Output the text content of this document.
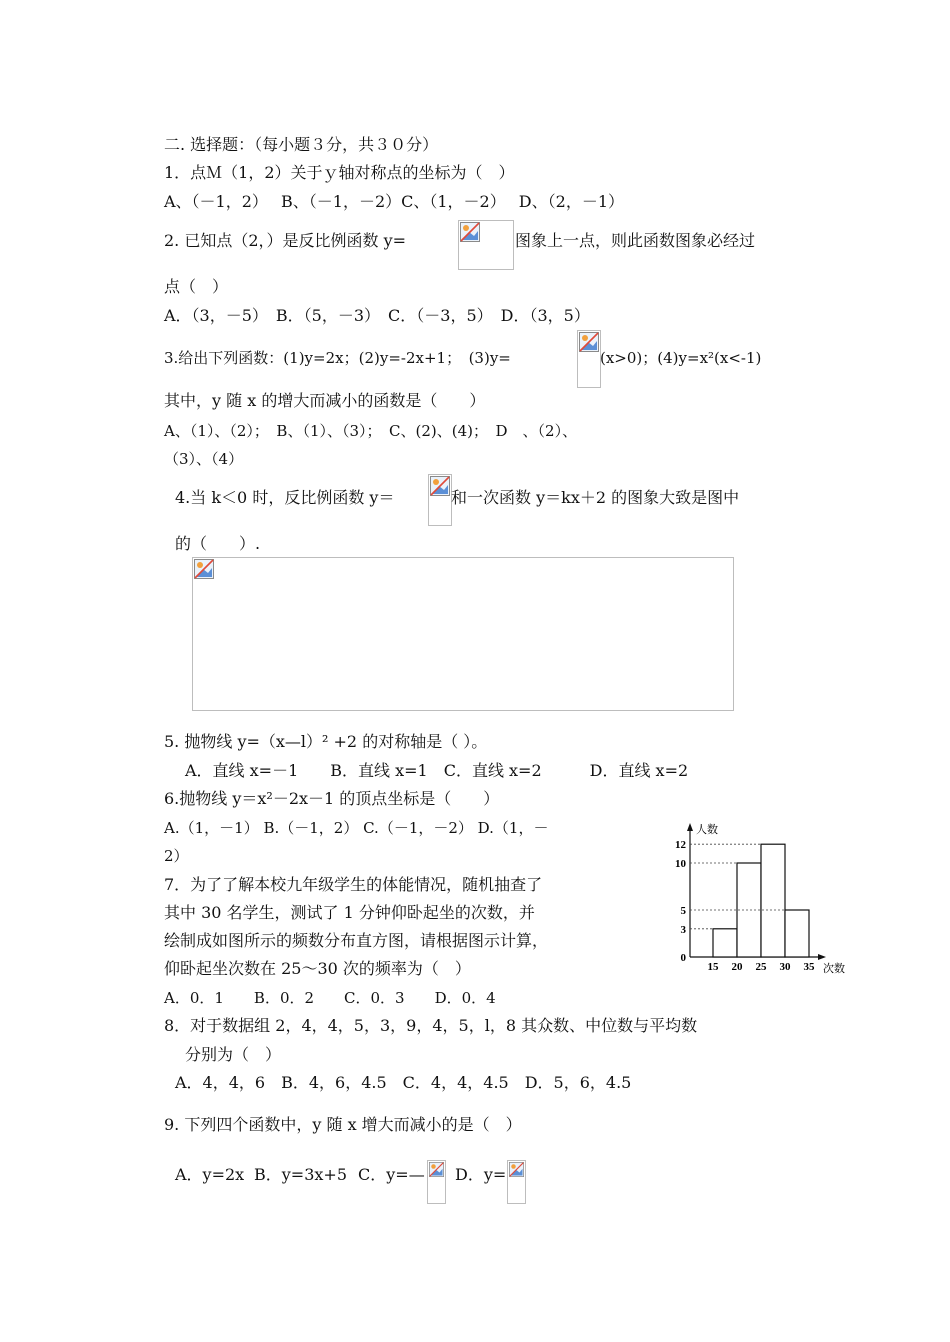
二. 选择题：（每小题３分，共３０分）
1．点Ｍ（1，2）关于ｙ轴对称点的坐标为（　）
A、（－1，2）　 B、（－1，－2）C、（1，－2）　 D、（2，－1）
2. 已知点（2，）是反比例函数 y=	图象上一点，则此函数图象必经过
点（　）
A．（3，－5）　B．（5，－3）　C．（－3，5）　D．（3，5）
3.给出下列函数：(1)y=2x；(2)y=-2x+1；　(3)y=	(x>0)；(4)y=x²(x<-1)
其中，y 随 x 的增大而减小的函数是（　　）
A、（1）、（2）；　B、（1）、（3）；　C、(2)、(4)；　D　、（2）、
（3）、（4）
4.当 k＜0 时，反比例函数 y＝	和一次函数 y＝kx＋2 的图象大致是图中
的（　　）.
5. 抛物线 y=（x—l）² +2 的对称轴是（ ）。
A．直线 x=－1　　B．直线 x=1　C．直线 x=2　　　D．直线 x=2
6.抛物线 y＝x²－2x－1 的顶点坐标是（　　）
A.（1，－1） B.（－1，2） C.（－1，－2） D.（1，－
2）
7．为了了解本校九年级学生的体能情况，随机抽查了
其中 30 名学生，测试了 1 分钟仰卧起坐的次数，并
绘制成如图所示的频数分布直方图，请根据图示计算，
仰卧起坐次数在 25～30 次的频率为（　）
A．0．1　　B．0．2　　C．0．3　　D．0．4
人数
次数
0
3
5
10
12
15 20 25 30 35
8．对于数据组 2，4，4，5，3，9，4，5，l，8 其众数、中位数与平均数
分别为（　）
A．4，4，6　B．4，6，4.5　C．4，4，4.5　D．5，6，4.5
9. 下列四个函数中，y 随 x 增大而减小的是（　）
A．y=2x B．y=3x+5 C．y=— D．y=
